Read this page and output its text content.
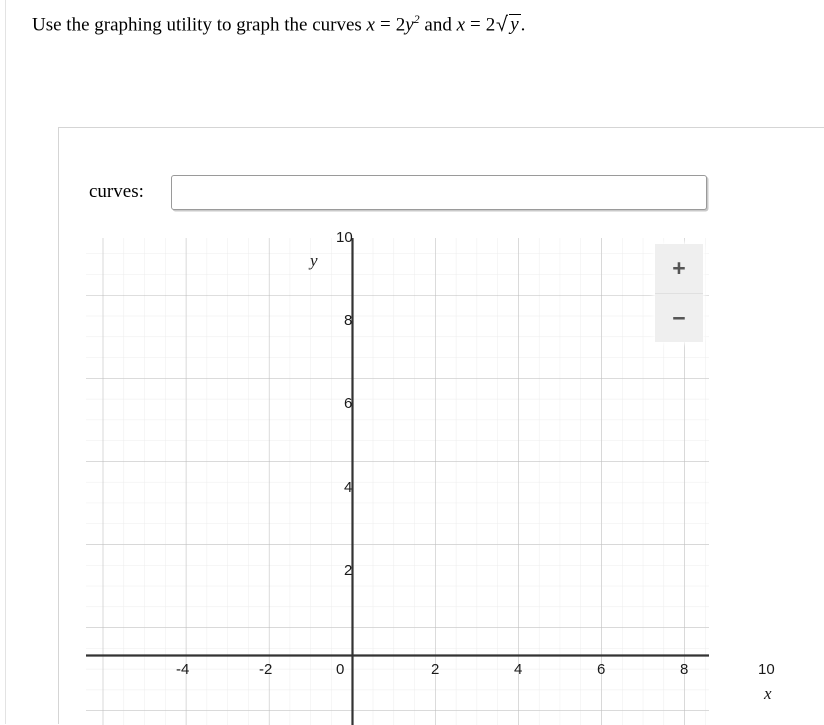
Use the graphing utility to graph the curves $x = 2y^2$ and x = 2 y .
curves:
10
8
6
4
2
y
-4	-2	0	2	4	6	8	10
x
+
−
